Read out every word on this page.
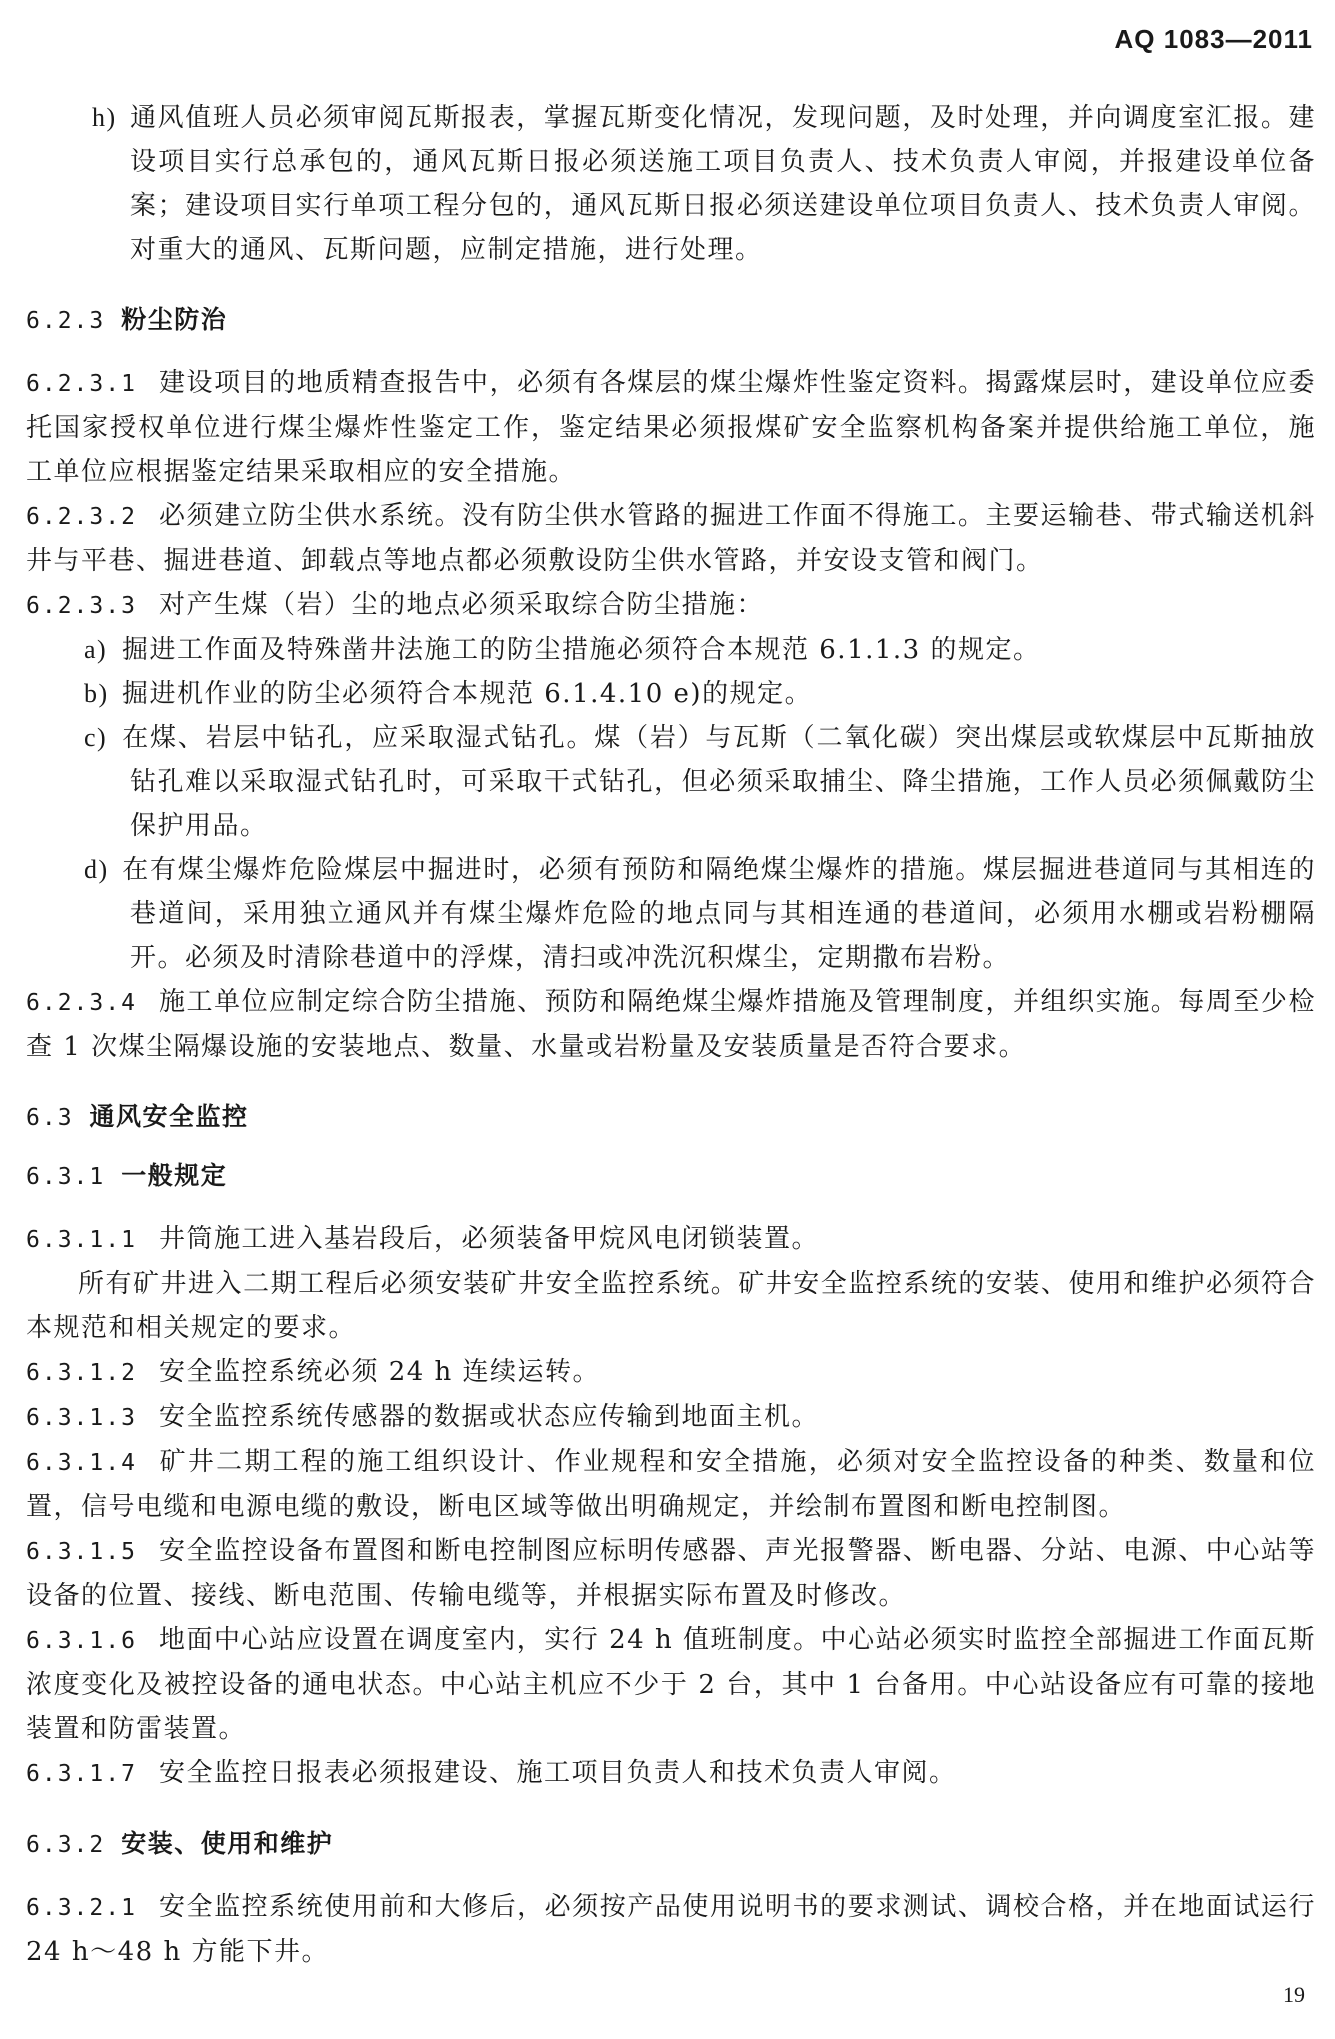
AQ 1083—2011

h) 通风值班人员必须审阅瓦斯报表，掌握瓦斯变化情况，发现问题，及时处理，并向调度室汇报。建设项目实行总承包的，通风瓦斯日报必须送施工项目负责人、技术负责人审阅，并报建设单位备案；建设项目实行单项工程分包的，通风瓦斯日报必须送建设单位项目负责人、技术负责人审阅。对重大的通风、瓦斯问题，应制定措施，进行处理。

6.2.3 粉尘防治

6.2.3.1 建设项目的地质精查报告中，必须有各煤层的煤尘爆炸性鉴定资料。揭露煤层时，建设单位应委托国家授权单位进行煤尘爆炸性鉴定工作，鉴定结果必须报煤矿安全监察机构备案并提供给施工单位，施工单位应根据鉴定结果采取相应的安全措施。

6.2.3.2 必须建立防尘供水系统。没有防尘供水管路的掘进工作面不得施工。主要运输巷、带式输送机斜井与平巷、掘进巷道、卸载点等地点都必须敷设防尘供水管路，并安设支管和阀门。

6.2.3.3 对产生煤（岩）尘的地点必须采取综合防尘措施：

a) 掘进工作面及特殊凿井法施工的防尘措施必须符合本规范 6.1.1.3 的规定。

b) 掘进机作业的防尘必须符合本规范 6.1.4.10 e)的规定。

c) 在煤、岩层中钻孔，应采取湿式钻孔。煤（岩）与瓦斯（二氧化碳）突出煤层或软煤层中瓦斯抽放钻孔难以采取湿式钻孔时，可采取干式钻孔，但必须采取捕尘、降尘措施，工作人员必须佩戴防尘保护用品。

d) 在有煤尘爆炸危险煤层中掘进时，必须有预防和隔绝煤尘爆炸的措施。煤层掘进巷道同与其相连的巷道间，采用独立通风并有煤尘爆炸危险的地点同与其相连通的巷道间，必须用水棚或岩粉棚隔开。必须及时清除巷道中的浮煤，清扫或冲洗沉积煤尘，定期撒布岩粉。

6.2.3.4 施工单位应制定综合防尘措施、预防和隔绝煤尘爆炸措施及管理制度，并组织实施。每周至少检查 1 次煤尘隔爆设施的安装地点、数量、水量或岩粉量及安装质量是否符合要求。

6.3 通风安全监控
6.3.1 一般规定

6.3.1.1 井筒施工进入基岩段后，必须装备甲烷风电闭锁装置。

所有矿井进入二期工程后必须安装矿井安全监控系统。矿井安全监控系统的安装、使用和维护必须符合本规范和相关规定的要求。

6.3.1.2 安全监控系统必须 24 h 连续运转。

6.3.1.3 安全监控系统传感器的数据或状态应传输到地面主机。

6.3.1.4 矿井二期工程的施工组织设计、作业规程和安全措施，必须对安全监控设备的种类、数量和位置，信号电缆和电源电缆的敷设，断电区域等做出明确规定，并绘制布置图和断电控制图。

6.3.1.5 安全监控设备布置图和断电控制图应标明传感器、声光报警器、断电器、分站、电源、中心站等设备的位置、接线、断电范围、传输电缆等，并根据实际布置及时修改。

6.3.1.6 地面中心站应设置在调度室内，实行 24 h 值班制度。中心站必须实时监控全部掘进工作面瓦斯浓度变化及被控设备的通电状态。中心站主机应不少于 2 台，其中 1 台备用。中心站设备应有可靠的接地装置和防雷装置。

6.3.1.7 安全监控日报表必须报建设、施工项目负责人和技术负责人审阅。

6.3.2 安装、使用和维护

6.3.2.1 安全监控系统使用前和大修后，必须按产品使用说明书的要求测试、调校合格，并在地面试运行 24 h～48 h 方能下井。

19
